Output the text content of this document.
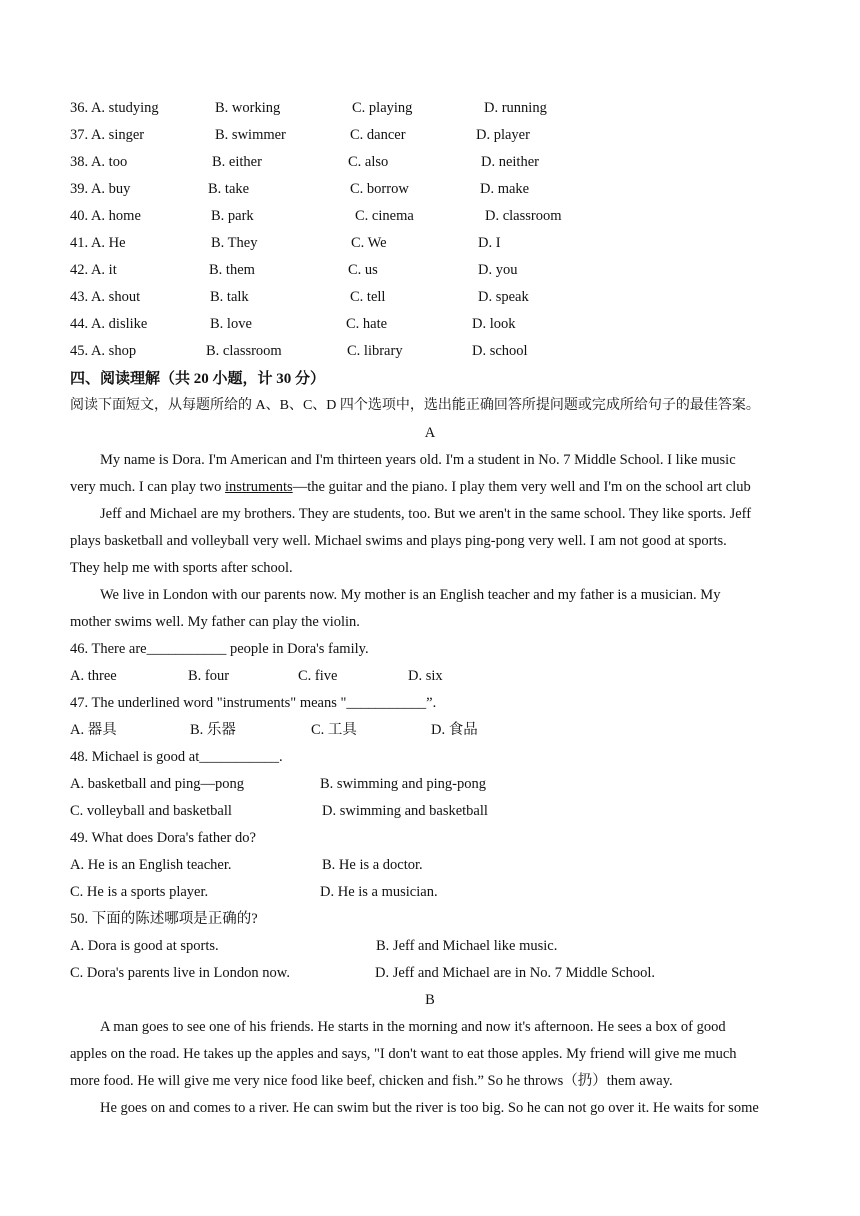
36. A. studying	B. working	C. playing	D. running
37. A. singer	B. swimmer	C. dancer	D. player
38. A. too	B. either	C. also	D. neither
39. A. buy	B. take	C. borrow	D. make
40. A. home	B. park	C. cinema	D. classroom
41. A. He	B. They	C. We	D. I
42. A. it	B. them	C. us	D. you
43. A. shout	B. talk	C. tell	D. speak
44. A. dislike	B. love	C. hate	D. look
45. A. shop	B. classroom	C. library	D. school
四、阅读理解（共 20 小题，计 30 分）
阅读下面短文，从每题所给的 A、B、C、D 四个选项中，选出能正确回答所提问题或完成所给句子的最佳答案。
A
My name is Dora. I'm American and I'm thirteen years old. I'm a student in No. 7 Middle School. I like music
very much. I can play two instruments—the guitar and the piano. I play them very well and I'm on the school art club
Jeff and Michael are my brothers. They are students, too. But we aren't in the same school. They like sports. Jeff
plays basketball and volleyball very well. Michael swims and plays ping-pong very well. I am not good at sports.
They help me with sports after school.
We live in London with our parents now. My mother is an English teacher and my father is a musician. My
mother swims well. My father can play the violin.
46. There are___________ people in Dora's family.
A. three	B. four	C. five	D. six
47. The underlined word "instruments" means "___________”.
A. 器具	B. 乐器	C. 工具	D. 食品
48. Michael is good at___________.
A. basketball and ping—pong	B. swimming and ping-pong
C. volleyball and basketball	D. swimming and basketball
49. What does Dora's father do?
A. He is an English teacher.	B. He is a doctor.
C. He is a sports player.	D. He is a musician.
50. 下面的陈述哪项是正确的?
A. Dora is good at sports.	B. Jeff and Michael like music.
C. Dora's parents live in London now.	D. Jeff and Michael are in No. 7 Middle School.
B
A man goes to see one of his friends. He starts in the morning and now it's afternoon. He sees a box of good
apples on the road. He takes up the apples and says, "I don't want to eat those apples. My friend will give me much
more food. He will give me very nice food like beef, chicken and fish.” So he throws（扔）them away.
He goes on and comes to a river. He can swim but the river is too big. So he can not go over it. He waits for some
